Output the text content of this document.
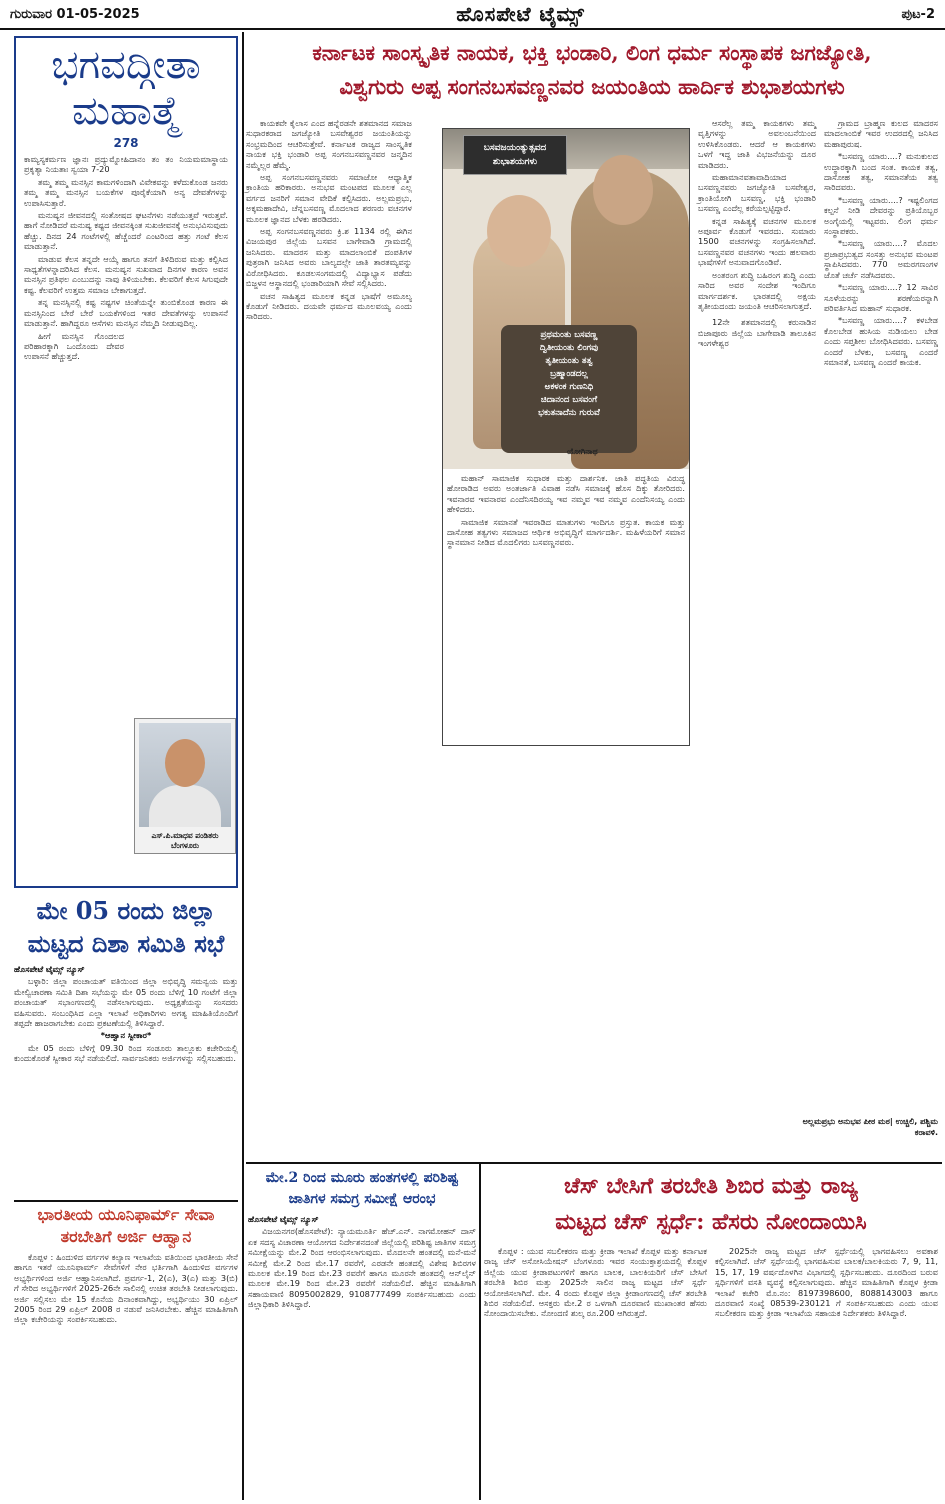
ಗುರುವಾರ 01-05-2025	ಹೊಸಪೇಟೆ ಟೈಮ್ಸ್	ಪುಟ-2
ಭಗವದ್ಗೀತಾ
ಮಹಾತ್ಮೆ
278

ಕಾಮ್ಯಸ್ಯಕರ್ಮಣ ಜ್ಞಾನಃ ಪ್ರದ್ಯುಮ್ನೋಹಿದಾನಂ ತಂ ತಂ ನಿಯಮಮಾಸ್ಥಾಯ ಪ್ರಕೃತ್ಯಾ ನಿಯತಾಃ ಸ್ವಯಾ 7-20

ತಮ್ಮ ತಮ್ಮ ಮನಸ್ಸಿನ ಕಾಮಗಳಿಂದಾಗಿ ವಿವೇಕವನ್ನು ಕಳೆದುಕೊಂಡ ಜನರು ತಮ್ಮ ತಮ್ಮ ಮನಸ್ಸಿನ ಬಯಕೆಗಳ ಪೂರೈಕೆಯಾಗಿ ಅನ್ಯ ದೇವತೆಗಳನ್ನು ಉಪಾಸಿಸುತ್ತಾರೆ.

ಮನುಷ್ಯನ ಜೀವನದಲ್ಲಿ ಸಂತೋಷದ ಘಟನೆಗಳು ನಡೆಯುತ್ತವೆ ಇರುತ್ತವೆ. ಹಾಗೆ ನೋಡಿದರೆ ಮನುಷ್ಯ ಕಷ್ಟದ ಜೀವನಕ್ಕಿಂತ ಸುಖಜೀವನಕ್ಕೆ ಅನುಭವಿಸುವುದು ಹೆಚ್ಚು. ದಿನದ 24 ಗಂಟೆಗಳಲ್ಲಿ ಹೆಚ್ಚೆಂದರೆ ಎಂಟರಿಂದ ಹತ್ತು ಗಂಟೆ ಕೆಲಸ ಮಾಡುತ್ತಾನೆ.

ಮಾಡುವ ಕೆಲಸ ತನ್ನದೇ ಆಯ್ಕೆ ಹಾಗೂ ತನಗೆ ತಿಳಿದಿರುವ ಮತ್ತು ಕಲ್ಪಿಸಿದ ಸಾಧ್ಯತೆಗಳನ್ನಾದರಿಸಿದ ಕೆಲಸ. ಮನುಷ್ಯನ ಸುಖವಾದ ದಿನಗಳ ಕಾರಣ ಅವನ ಮನಸ್ಸಿನ ಪ್ರತಿಫಲ ಎಂಬುದನ್ನು ನಾವು ತಿಳಿಯಬೇಕು. ಕೆಲವರಿಗೆ ಕೆಲಸ ಸಿಗುವುದೇ ಕಷ್ಟ. ಕೆಲವರಿಗೆ ಉತ್ತಮ ಸಮಾಜ ಬೇಕಾಗುತ್ತದೆ.

ತನ್ನ ಮನಸ್ಸಿನಲ್ಲಿ ಕಷ್ಟ ನಷ್ಟಗಳ ಚಿಂತೆಯನ್ನೇ ತುಂಬಿಕೊಂಡ ಕಾರಣ ಈ ಮನಸ್ಸಿನಿಂದ ಬೇರೆ ಬೇರೆ ಬಯಕೆಗಳಿಂದ ಇತರ ದೇವತೆಗಳನ್ನು ಉಪಾಸನೆ ಮಾಡುತ್ತಾನೆ. ಹಾಗಿದ್ದರೂ ಆಸೆಗಳು ಮನಸ್ಸಿನ ನೆಮ್ಮದಿ ನೀಡುವುದಿಲ್ಲ.

ಹೀಗೆ ಮನಸ್ಸಿನ ಗೊಂದಲದ ಪರಿಹಾರಕ್ಕಾಗಿ ಒಂದೊಂದು ದೇವರ ಉಪಾಸನೆ ಹೆಚ್ಚುತ್ತದೆ.

ಎಸ್.ಪಿ.ಮಾಧವ ಪಂಡಿತರು
ಬೆಂಗಳೂರು
ಮೇ 05 ರಂದು ಜಿಲ್ಲಾ
ಮಟ್ಟದ ದಿಶಾ ಸಮಿತಿ ಸಭೆ

ಹೊಸಪೇಟೆ ಟೈಮ್ಸ್ ನ್ಯೂಸ್

ಬಳ್ಳಾರಿ: ಜಿಲ್ಲಾ ಪಂಚಾಯತ್ ವತಿಯಿಂದ ಜಿಲ್ಲಾ ಅಭಿವೃದ್ಧಿ ಸಮನ್ವಯ ಮತ್ತು ಮೇಲ್ವಿಚಾರಣಾ ಸಮಿತಿ ದಿಶಾ ಸಭೆಯನ್ನು ಮೇ 05 ರಂದು ಬೆಳಿಗ್ಗೆ 10 ಗಂಟೆಗೆ ಜಿಲ್ಲಾ ಪಂಚಾಯತ್ ಸಭಾಂಗಣದಲ್ಲಿ ನಡೆಸಲಾಗುವುದು. ಅಧ್ಯಕ್ಷತೆಯನ್ನು ಸಂಸದರು ವಹಿಸುವರು. ಸಂಬಂಧಿಸಿದ ಎಲ್ಲಾ ಇಲಾಖೆ ಅಧಿಕಾರಿಗಳು ಅಗತ್ಯ ಮಾಹಿತಿಯೊಂದಿಗೆ ತಪ್ಪದೇ ಹಾಜರಾಗಬೇಕು ಎಂದು ಪ್ರಕಟಣೆಯಲ್ಲಿ ತಿಳಿಸಿದ್ದಾರೆ.

*ಆಹ್ವಾನ ಸ್ವೀಕಾರ*

ಮೇ 05 ರಂದು ಬೆಳಿಗ್ಗೆ 09.30 ರಿಂದ ಸಂಡೂರು ತಾಲ್ಲೂಕು ಕಚೇರಿಯಲ್ಲಿ ಕುಂದುಕೊರತೆ ಸ್ವೀಕಾರ ಸಭೆ ನಡೆಯಲಿದೆ. ಸಾರ್ವಜನಿಕರು ಅರ್ಜಿಗಳನ್ನು ಸಲ್ಲಿಸಬಹುದು.

ಭಾರತೀಯ ಯೂನಿಫಾರ್ಮ್ ಸೇವಾ
ತರಬೇತಿಗೆ ಅರ್ಜಿ ಆಹ್ವಾನ

ಕೊಪ್ಪಳ : ಹಿಂದುಳಿದ ವರ್ಗಗಳ ಕಲ್ಯಾಣ ಇಲಾಖೆಯ ವತಿಯಿಂದ ಭಾರತೀಯ ಸೇನೆ ಹಾಗೂ ಇತರೆ ಯೂನಿಫಾರ್ಮ್ ಸೇವೆಗಳಿಗೆ ನೇರ ಭರ್ತಿಗಾಗಿ ಹಿಂದುಳಿದ ವರ್ಗಗಳ ಅಭ್ಯರ್ಥಿಗಳಿಂದ ಅರ್ಜಿ ಆಹ್ವಾನಿಸಲಾಗಿದೆ. ಪ್ರವರ್ಗ-1, 2(ಎ), 3(ಎ) ಮತ್ತು 3(ಬಿ) ಗೆ ಸೇರಿದ ಅಭ್ಯರ್ಥಿಗಳಿಗೆ 2025-26ನೇ ಸಾಲಿನಲ್ಲಿ ಉಚಿತ ತರಬೇತಿ ನೀಡಲಾಗುವುದು. ಅರ್ಜಿ ಸಲ್ಲಿಸಲು ಮೇ 15 ಕೊನೆಯ ದಿನಾಂಕವಾಗಿದ್ದು, ಅಭ್ಯರ್ಥಿಯು 30 ಏಪ್ರಿಲ್ 2005 ರಿಂದ 29 ಏಪ್ರಿಲ್ 2008 ರ ನಡುವೆ ಜನಿಸಿರಬೇಕು. ಹೆಚ್ಚಿನ ಮಾಹಿತಿಗಾಗಿ ಜಿಲ್ಲಾ ಕಚೇರಿಯನ್ನು ಸಂಪರ್ಕಿಸಬಹುದು.

ಕರ್ನಾಟಕ ಸಾಂಸ್ಕೃತಿಕ ನಾಯಕ, ಭಕ್ತಿ ಭಂಡಾರಿ, ಲಿಂಗ ಧರ್ಮ ಸಂಸ್ಥಾಪಕ ಜಗಜ್ಯೋತಿ,
ವಿಶ್ವಗುರು ಅಪ್ಪ ಸಂಗನಬಸವಣ್ಣನವರ ಜಯಂತಿಯ ಹಾರ್ದಿಕ ಶುಭಾಶಯಗಳು

ಕಾಯಕವೇ ಕೈಲಾಸ ಎಂದ ಹನ್ನೆರಡನೇ ಶತಮಾನದ ಸಮಾಜ ಸುಧಾರಕರಾದ ಜಗಜ್ಯೋತಿ ಬಸವೇಶ್ವರರ ಜಯಂತಿಯನ್ನು ಸಂಭ್ರಮದಿಂದ ಆಚರಿಸುತ್ತೇವೆ. ಕರ್ನಾಟಕ ರಾಜ್ಯದ ಸಾಂಸ್ಕೃತಿಕ ನಾಯಕ ಭಕ್ತಿ ಭಂಡಾರಿ ಅಪ್ಪ ಸಂಗನಬಸವಣ್ಣನವರ ಜನ್ಮದಿನ ನಮ್ಮೆಲ್ಲರ ಹೆಮ್ಮೆ.

ಅಪ್ಪ ಸಂಗನಬಸವಣ್ಣನವರು ಸಮಾಜೋ ಆಧ್ಯಾತ್ಮಿಕ ಕ್ರಾಂತಿಯ ಹರಿಕಾರರು. ಅನುಭವ ಮಂಟಪದ ಮೂಲಕ ಎಲ್ಲ ವರ್ಗದ ಜನರಿಗೆ ಸಮಾನ ವೇದಿಕೆ ಕಲ್ಪಿಸಿದರು. ಅಲ್ಲಮಪ್ರಭು, ಅಕ್ಕಮಹಾದೇವಿ, ಚೆನ್ನಬಸವಣ್ಣ ಮೊದಲಾದ ಶರಣರು ವಚನಗಳ ಮೂಲಕ ಜ್ಞಾನದ ಬೆಳಕು ಹರಡಿದರು.

ಅಪ್ಪ ಸಂಗನಬಸವಣ್ಣನವರು ಕ್ರಿ.ಶ 1134 ರಲ್ಲಿ ಈಗಿನ ವಿಜಯಪುರ ಜಿಲ್ಲೆಯ ಬಸವನ ಬಾಗೇವಾಡಿ ಗ್ರಾಮದಲ್ಲಿ ಜನಿಸಿದರು. ಮಾದರಸ ಮತ್ತು ಮಾದಲಾಂಬಿಕೆ ದಂಪತಿಗಳ ಪುತ್ರರಾಗಿ ಜನಿಸಿದ ಅವರು ಬಾಲ್ಯದಲ್ಲೇ ಜಾತಿ ತಾರತಮ್ಯವನ್ನು ವಿರೋಧಿಸಿದರು. ಕೂಡಲಸಂಗಮದಲ್ಲಿ ವಿದ್ಯಾಭ್ಯಾಸ ಪಡೆದು ಬಿಜ್ಜಳನ ಆಸ್ಥಾನದಲ್ಲಿ ಭಂಡಾರಿಯಾಗಿ ಸೇವೆ ಸಲ್ಲಿಸಿದರು.

ವಚನ ಸಾಹಿತ್ಯದ ಮೂಲಕ ಕನ್ನಡ ಭಾಷೆಗೆ ಅಮೂಲ್ಯ ಕೊಡುಗೆ ನೀಡಿದರು. ದಯವೇ ಧರ್ಮದ ಮೂಲವಯ್ಯ ಎಂದು ಸಾರಿದರು.

ಬಸವಜಯಂತ್ಯುತ್ಸವದ ಶುಭಾಶಯಗಳು
ಪ್ರಥಮಂತು ಬಸವಣ್ಣ
ದ್ವಿತೀಯಂತು ಲಿಂಗವು
ತೃತೀಯಂತು ತತ್ವ
ಬ್ರಹ್ಮಾಂಡದಲ್ಲ
ಅಕಳಂಕ ಗುಣನಿಧಿ
ಚಿದಾನಂದ ಬಸವಂಗೆ
ಭಕುತನಾದೆನು ಗುರುವೆ
ಯೋಗಿನಾಥ

ಮಹಾನ್ ಸಾಮಾಜಿಕ ಸುಧಾರಕ ಮತ್ತು ದಾರ್ಶನಿಕ. ಜಾತಿ ಪದ್ಧತಿಯ ವಿರುದ್ಧ ಹೋರಾಡಿದ ಅವರು ಅಂತರ್ಜಾತಿ ವಿವಾಹ ನಡೆಸಿ ಸಮಾಜಕ್ಕೆ ಹೊಸ ದಿಕ್ಕು ತೋರಿದರು. ಇವನಾರವ ಇವನಾರವ ಎಂದೆನಿಸದಿರಯ್ಯ ಇವ ನಮ್ಮವ ಇವ ನಮ್ಮವ ಎಂದೆನಿಸಯ್ಯ ಎಂದು ಹೇಳಿದರು.

ಸಾಮಾಜಿಕ ಸಮಾನತೆ ಇವರಾಡಿದ ಮಾತುಗಳು ಇಂದಿಗೂ ಪ್ರಸ್ತುತ. ಕಾಯಕ ಮತ್ತು ದಾಸೋಹ ತತ್ವಗಳು ಸಮಾಜದ ಆರ್ಥಿಕ ಅಭಿವೃದ್ಧಿಗೆ ಮಾರ್ಗದರ್ಶಿ. ಮಹಿಳೆಯರಿಗೆ ಸಮಾನ ಸ್ಥಾನಮಾನ ನೀಡಿದ ಮೊದಲಿಗರು ಬಸವಣ್ಣನವರು.

ಆಸರೆಲ್ಲ ತಮ್ಮ ಕಾಯಕಗಳು ತಮ್ಮ ವೃತ್ತಿಗಳನ್ನು ಅವಲಂಬನೆಯಿಂದ ಉಳಿಸಿಕೊಂಡರು. ಆದರೆ ಆ ಕಾಯಕಗಳು ಒಳಗೆ ಇದ್ದ ಜಾತಿ ವಿಭಜನೆಯನ್ನು ದೂರ ಮಾಡಿದರು.

ಮಹಾಮಾನವತಾವಾದಿಯಾದ ಬಸವಣ್ಣನವರು ಜಗಜ್ಯೋತಿ ಬಸವೇಶ್ವರ, ಕ್ರಾಂತಿಯೋಗಿ ಬಸವಣ್ಣ, ಭಕ್ತಿ ಭಂಡಾರಿ ಬಸವಣ್ಣ ಎಂದೆಲ್ಲ ಕರೆಯಲ್ಪಟ್ಟಿದ್ದಾರೆ.

ಕನ್ನಡ ಸಾಹಿತ್ಯಕ್ಕೆ ವಚನಗಳ ಮೂಲಕ ಅಪೂರ್ವ ಕೊಡುಗೆ ಇವರದು. ಸುಮಾರು 1500 ವಚನಗಳನ್ನು ಸಂಗ್ರಹಿಸಲಾಗಿದೆ. ಬಸವಣ್ಣನವರ ವಚನಗಳು ಇಂದು ಹಲವಾರು ಭಾಷೆಗಳಿಗೆ ಅನುವಾದಗೊಂಡಿವೆ.

ಅಂತರಂಗ ಶುದ್ಧಿ ಬಹಿರಂಗ ಶುದ್ಧಿ ಎಂದು ಸಾರಿದ ಅವರ ಸಂದೇಶ ಇಂದಿಗೂ ಮಾರ್ಗದರ್ಶಕ. ಭಾರತದಲ್ಲಿ ಅಕ್ಷಯ ತೃತೀಯದಂದು ಜಯಂತಿ ಆಚರಿಸಲಾಗುತ್ತದೆ.

12ನೇ ಶತಮಾನದಲ್ಲಿ ಕರುನಾಡಿನ ಬಿಜಾಪೂರು ಜಿಲ್ಲೆಯ ಬಾಗೇವಾಡಿ ತಾಲೂಕಿನ ಇಂಗಳೇಶ್ವರ

ಗ್ರಾಮದ ಬ್ರಾಹ್ಮಣ ಕುಲದ ಮಾದರಸ ಮಾದಲಾಂಬಿಕೆ ಇವರ ಉದರದಲ್ಲಿ ಜನಿಸಿದ ಮಹಾಪುರುಷ.

*ಬಸವಣ್ಣ ಯಾರು....? ಮನುಕುಲದ ಉದ್ಧಾರಕ್ಕಾಗಿ ಬಂದ ಸಂತ. ಕಾಯಕ ತತ್ವ, ದಾಸೋಹ ತತ್ವ, ಸಮಾನತೆಯ ತತ್ವ ಸಾರಿದವರು.

*ಬಸವಣ್ಣ ಯಾರು....? ಇಷ್ಟಲಿಂಗದ ಕಲ್ಪನೆ ನೀಡಿ ದೇವರನ್ನು ಪ್ರತಿಯೊಬ್ಬರ ಅಂಗೈಯಲ್ಲಿ ಇಟ್ಟವರು. ಲಿಂಗ ಧರ್ಮ ಸಂಸ್ಥಾಪಕರು.

*ಬಸವಣ್ಣ ಯಾರು....? ಮೊದಲ ಪ್ರಜಾಪ್ರಭುತ್ವದ ಸಂಸತ್ತು ಅನುಭವ ಮಂಟಪ ಸ್ಥಾಪಿಸಿದವರು. 770 ಅಮರಗಣಂಗಳ ಜೊತೆ ಚರ್ಚೆ ನಡೆಸಿದವರು.

*ಬಸವಣ್ಣ ಯಾರು....? 12 ಸಾವಿರ ಸೂಳೆಯರನ್ನು ಶರಣೆಯರನ್ನಾಗಿ ಪರಿವರ್ತಿಸಿದ ಮಹಾನ್ ಸುಧಾರಕ.

*ಬಸವಣ್ಣ ಯಾರು....? ಕಳಬೇಡ ಕೊಲಬೇಡ ಹುಸಿಯ ನುಡಿಯಲು ಬೇಡ ಎಂದು ಸಪ್ತಶೀಲ ಬೋಧಿಸಿದವರು. ಬಸವಣ್ಣ ಎಂದರೆ ಬೆಳಕು, ಬಸವಣ್ಣ ಎಂದರೆ ಸಮಾನತೆ, ಬಸವಣ್ಣ ಎಂದರೆ ಕಾಯಕ.

ಅಲ್ಲಮಪ್ರಭು ಅನುಭವ ಪೀಠ ಮಠ| ಉಚ್ಚಿಲಿ, ಪಶ್ಚಿಮ ಕರಾವಳಿ.
ಮೇ.2 ರಿಂದ ಮೂರು ಹಂತಗಳಲ್ಲಿ ಪರಿಶಿಷ್ಟ
ಜಾತಿಗಳ ಸಮಗ್ರ ಸಮೀಕ್ಷೆ ಆರಂಭ

ಹೊಸಪೇಟೆ ಟೈಮ್ಸ್ ನ್ಯೂಸ್

ವಿಜಯನಗರ(ಹೊಸಪೇಟೆ): ನ್ಯಾಯಮೂರ್ತಿ ಹೆಚ್.ಎನ್. ನಾಗಮೋಹನ್ ದಾಸ್ ಏಕ ಸದಸ್ಯ ವಿಚಾರಣಾ ಆಯೋಗದ ನಿರ್ದೇಶನದಂತೆ ಜಿಲ್ಲೆಯಲ್ಲಿ ಪರಿಶಿಷ್ಟ ಜಾತಿಗಳ ಸಮಗ್ರ ಸಮೀಕ್ಷೆಯನ್ನು ಮೇ.2 ರಿಂದ ಆರಂಭಿಸಲಾಗುವುದು. ಮೊದಲನೇ ಹಂತದಲ್ಲಿ ಮನೆ-ಮನೆ ಸಮೀಕ್ಷೆ ಮೇ.2 ರಿಂದ ಮೇ.17 ರವರೆಗೆ, ಎರಡನೇ ಹಂತದಲ್ಲಿ ವಿಶೇಷ ಶಿಬಿರಗಳ ಮೂಲಕ ಮೇ.19 ರಿಂದ ಮೇ.23 ರವರೆಗೆ ಹಾಗೂ ಮೂರನೇ ಹಂತದಲ್ಲಿ ಆನ್‌ಲೈನ್ ಮೂಲಕ ಮೇ.19 ರಿಂದ ಮೇ.23 ರವರೆಗೆ ನಡೆಯಲಿದೆ. ಹೆಚ್ಚಿನ ಮಾಹಿತಿಗಾಗಿ ಸಹಾಯವಾಣಿ 8095002829, 9108777499 ಸಂಪರ್ಕಿಸಬಹುದು ಎಂದು ಜಿಲ್ಲಾಧಿಕಾರಿ ತಿಳಿಸಿದ್ದಾರೆ.

ಚೆಸ್ ಬೇಸಿಗೆ ತರಬೇತಿ ಶಿಬಿರ ಮತ್ತು ರಾಜ್ಯ
ಮಟ್ಟದ ಚೆಸ್ ಸ್ಪರ್ಧೆ: ಹೆಸರು ನೋಂದಾಯಿಸಿ

ಕೊಪ್ಪಳ : ಯುವ ಸಬಲೀಕರಣ ಮತ್ತು ಕ್ರೀಡಾ ಇಲಾಖೆ ಕೊಪ್ಪಳ ಮತ್ತು ಕರ್ನಾಟಕ ರಾಜ್ಯ ಚೆಸ್ ಅಸೋಸಿಯೇಷನ್ ಬೆಂಗಳೂರು ಇವರ ಸಂಯುಕ್ತಾಶ್ರಯದಲ್ಲಿ ಕೊಪ್ಪಳ ಜಿಲ್ಲೆಯ ಯುವ ಕ್ರೀಡಾಪಟುಗಳಿಗೆ ಹಾಗೂ ಬಾಲಕ, ಬಾಲಕಿಯರಿಗೆ ಚೆಸ್ ಬೇಸಿಗೆ ತರಬೇತಿ ಶಿಬಿರ ಮತ್ತು 2025ನೇ ಸಾಲಿನ ರಾಜ್ಯ ಮಟ್ಟದ ಚೆಸ್ ಸ್ಪರ್ಧೆ ಆಯೋಜಿಸಲಾಗಿದೆ. ಮೇ. 4 ರಂದು ಕೊಪ್ಪಳ ಜಿಲ್ಲಾ ಕ್ರೀಡಾಂಗಣದಲ್ಲಿ ಚೆಸ್ ತರಬೇತಿ ಶಿಬಿರ ನಡೆಯಲಿದೆ. ಆಸಕ್ತರು ಮೇ.2 ರ ಒಳಗಾಗಿ ದೂರವಾಣಿ ಮುಖಾಂತರ ಹೆಸರು ನೋಂದಾಯಿಸಬೇಕು. ನೋಂದಣಿ ಶುಲ್ಕ ರೂ.200 ಆಗಿರುತ್ತದೆ.

2025ನೇ ರಾಜ್ಯ ಮಟ್ಟದ ಚೆಸ್ ಸ್ಪರ್ಧೆಯಲ್ಲಿ ಭಾಗವಹಿಸಲು ಅವಕಾಶ ಕಲ್ಪಿಸಲಾಗಿದೆ. ಚೆಸ್ ಸ್ಪರ್ಧೆಯಲ್ಲಿ ಭಾಗವಹಿಸುವ ಬಾಲಕ/ಬಾಲಕಿಯರು 7, 9, 11, 15, 17, 19 ವರ್ಷದೊಳಗಿನ ವಿಭಾಗದಲ್ಲಿ ಸ್ಪರ್ಧಿಸಬಹುದು. ದೂರದಿಂದ ಬರುವ ಸ್ಪರ್ಧಿಗಳಿಗೆ ವಸತಿ ವ್ಯವಸ್ಥೆ ಕಲ್ಪಿಸಲಾಗುವುದು. ಹೆಚ್ಚಿನ ಮಾಹಿತಿಗಾಗಿ ಕೊಪ್ಪಳ ಕ್ರೀಡಾ ಇಲಾಖೆ ಕಚೇರಿ ಮೊ.ನಂ: 8197398600, 8088143003 ಹಾಗೂ ದೂರವಾಣಿ ಸಂಖ್ಯೆ 08539-230121 ಗೆ ಸಂಪರ್ಕಿಸಬಹುದು ಎಂದು ಯುವ ಸಬಲೀಕರಣ ಮತ್ತು ಕ್ರೀಡಾ ಇಲಾಖೆಯ ಸಹಾಯಕ ನಿರ್ದೇಶಕರು ತಿಳಿಸಿದ್ದಾರೆ.
